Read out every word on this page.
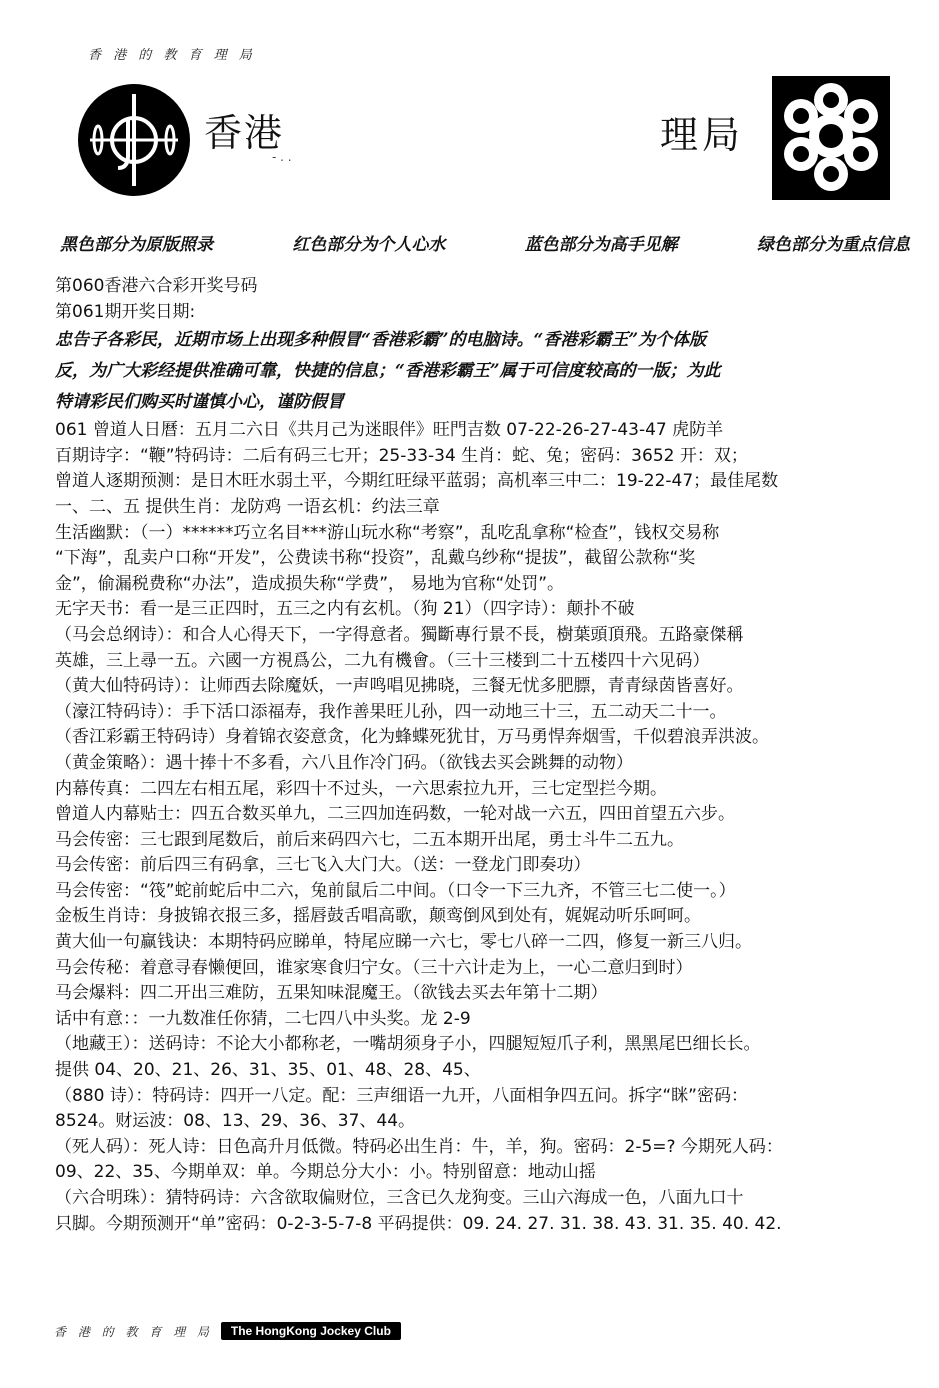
香 港 的 教 育 理 局
香港
- . .	理局
黑色部分为原版照录	红色部分为个人心水	蓝色部分为高手见解	绿色部分为重点信息
第060香港六合彩开奖号码
第061期开奖日期:
忠告子各彩民，近期市场上出现多种假冒“香港彩霸”的电脑诗。“香港彩霸王”为个体版
反，为广大彩经提供准确可靠，快捷的信息；“香港彩霸王”属于可信度较高的一版；为此
特请彩民们购买时谨慎小心，谨防假冒
061 曾道人日曆：五月二六日《共月己为迷眼伴》旺門吉数 07-22-26-27-43-47 虎防羊
百期诗字：“鞭”特码诗：二后有码三七开；25-33-34 生肖：蛇、兔；密码：3652 开：双；
曾道人逐期预测：是日木旺水弱土平，今期红旺绿平蓝弱；高机率三中二：19-22-47；最佳尾数
一、二、五 提供生肖：龙防鸡 一语玄机：约法三章
生活幽默：（一）******巧立名目***游山玩水称“考察”，乱吃乱拿称“检查”，钱权交易称
“下海”，乱卖户口称“开发”，公费读书称“投资”，乱戴乌纱称“提拔”，截留公款称“奖
金”，偷漏税费称“办法”，造成损失称“学费”， 易地为官称“处罚”。
无字天书：看一是三正四时，五三之内有玄机。（狗 21）（四字诗）：颠扑不破
（马会总纲诗）：和合人心得天下，一字得意者。獨斷專行景不長，樹葉頭頂飛。五路豪傑稱
英雄，三上尋一五。六國一方視爲公，二九有機會。（三十三楼到二十五楼四十六见码）
（黄大仙特码诗）：让师西去除魔妖，一声鸣唱见拂晓，三餐无忧多肥膘，青青绿茵皆喜好。
（濠江特码诗）：手下活口添福寿，我作善果旺儿孙，四一动地三十三，五二动天二十一。
（香江彩霸王特码诗）身着锦衣姿意贪，化为蜂蝶死犹甘，万马勇悍奔烟雪，千似碧浪弄洪波。
（黄金策略）：遇十捧十不多看，六八且作冷门码。（欲钱去买会跳舞的动物）
内幕传真：二四左右相五尾，彩四十不过头，一六思索拉九开，三七定型拦今期。
曾道人内幕贴士：四五合数买单九，二三四加连码数，一轮对战一六五，四田首望五六步。
马会传密：三七跟到尾数后，前后来码四六七，二五本期开出尾，勇士斗牛二五九。
马会传密：前后四三有码拿，三七飞入大门大。（送：一登龙门即奏功）
马会传密：“筏”蛇前蛇后中二六，兔前鼠后二中间。（口令一下三九齐，不管三七二使一。）
金板生肖诗：身披锦衣报三多，摇唇鼓舌唱高歌，颠鸾倒风到处有，娓娓动听乐呵呵。
黄大仙一句赢钱诀：本期特码应睇单，特尾应睇一六七，零七八碎一二四，修复一新三八归。
马会传秘：着意寻春懒便回，谁家寒食归宁女。（三十六计走为上，一心二意归到时）
马会爆料：四二开出三难防，五果知味混魔王。（欲钱去买去年第十二期）
话中有意：：一九数准任你猜，二七四八中头奖。龙 2-9
（地藏王）：送码诗：不论大小都称老，一嘴胡须身子小，四腿短短爪子利，黑黑尾巴细长长。
提供 04、20、21、26、31、35、01、48、28、45、
（880 诗）：特码诗：四开一八定。配：三声细语一九开，八面相争四五问。拆字“眯”密码：
8524。财运波：08、13、29、36、37、44。
（死人码）：死人诗：日色高升月低微。特码必出生肖：牛，羊，狗。密码：2-5=? 今期死人码：
09、22、35、今期单双：单。今期总分大小：小。特别留意：地动山摇
（六合明珠）：猜特码诗：六含欲取偏财位，三含已久龙狗变。三山六海成一色，八面九口十
只脚。今期预测开“单”密码：0-2-3-5-7-8 平码提供：09. 24. 27. 31. 38. 43. 31. 35. 40. 42.
香 港 的 教 育 理 局	The HongKong Jockey Club
